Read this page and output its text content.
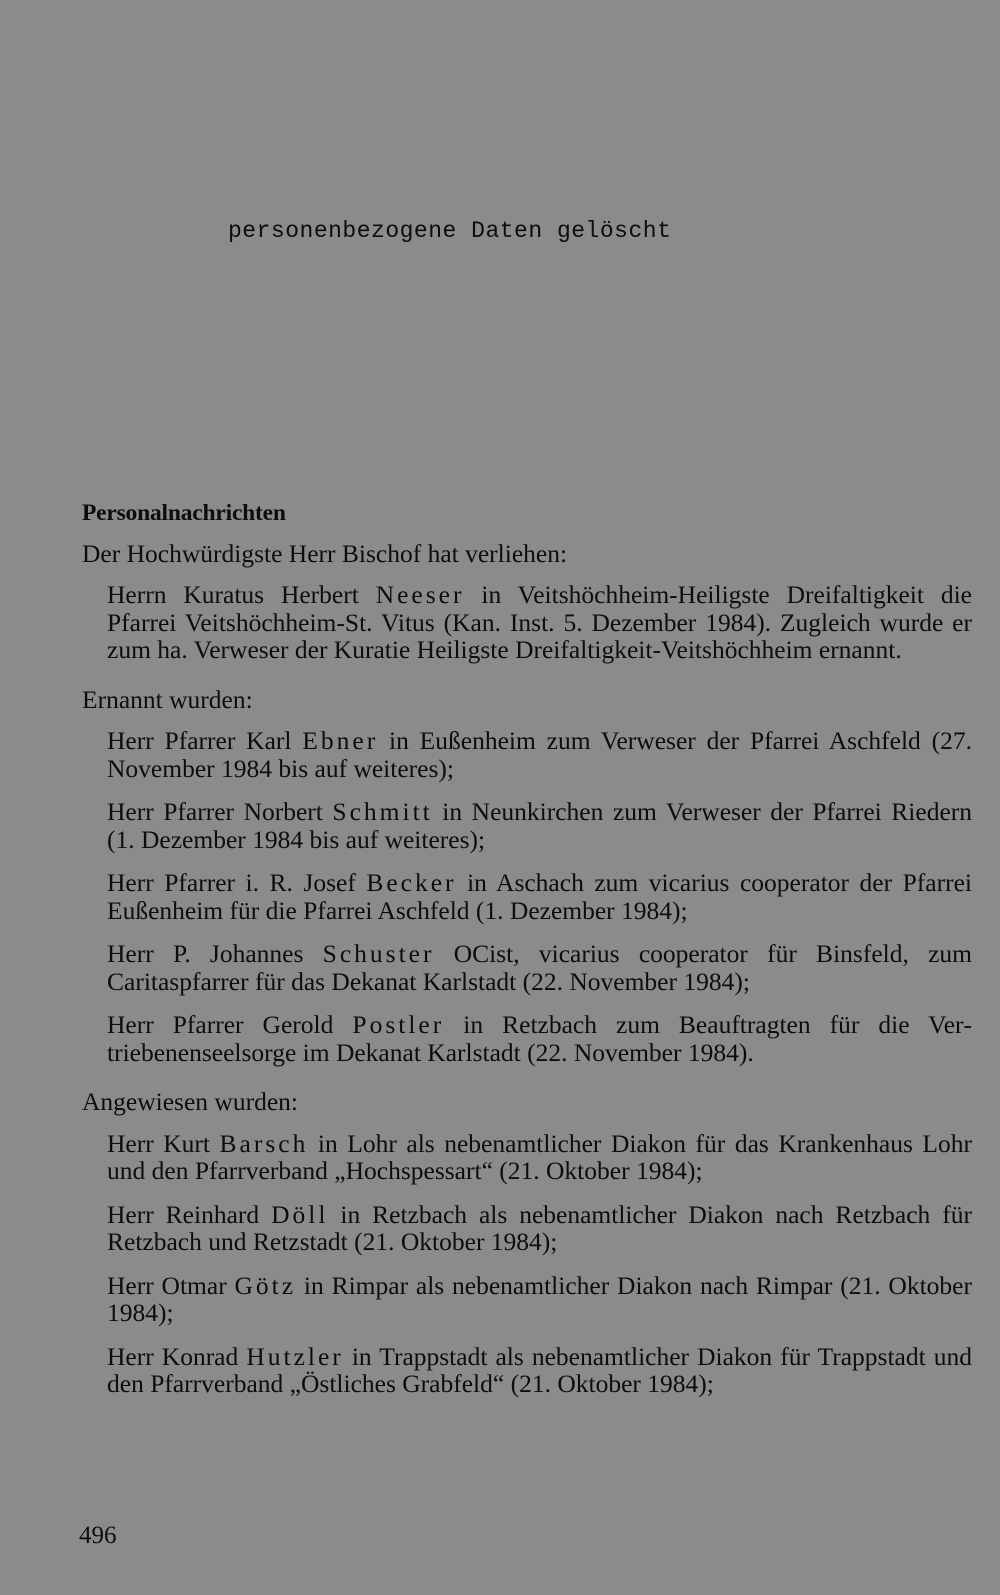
personenbezogene Daten gelöscht
Personalnachrichten
Der Hochwürdigste Herr Bischof hat verliehen:

Herrn Kuratus Herbert Neeser in Veitshöchheim-Heiligste Dreifaltigkeit die Pfarrei Veitshöchheim-St. Vitus (Kan. Inst. 5. Dezember 1984). Zugleich wurde er zum ha. Verweser der Kuratie Heiligste Dreifaltigkeit-Veitshöchheim ernannt.

Ernannt wurden:

Herr Pfarrer Karl Ebner in Eußenheim zum Verweser der Pfarrei Aschfeld (27. November 1984 bis auf weiteres);

Herr Pfarrer Norbert Schmitt in Neunkirchen zum Verweser der Pfarrei Riedern (1. Dezember 1984 bis auf weiteres);

Herr Pfarrer i. R. Josef Becker in Aschach zum vicarius cooperator der Pfarrei Eußenheim für die Pfarrei Aschfeld (1. Dezember 1984);

Herr P. Johannes Schuster OCist, vicarius cooperator für Binsfeld, zum Caritaspfarrer für das Dekanat Karlstadt (22. November 1984);

Herr Pfarrer Gerold Postler in Retzbach zum Beauftragten für die Vertriebenenseelsorge im Dekanat Karlstadt (22. November 1984).

Angewiesen wurden:

Herr Kurt Barsch in Lohr als nebenamtlicher Diakon für das Krankenhaus Lohr und den Pfarrverband „Hochspessart“ (21. Oktober 1984);

Herr Reinhard Döll in Retzbach als nebenamtlicher Diakon nach Retzbach für Retzbach und Retzstadt (21. Oktober 1984);

Herr Otmar Götz in Rimpar als nebenamtlicher Diakon nach Rimpar (21. Oktober 1984);

Herr Konrad Hutzler in Trappstadt als nebenamtlicher Diakon für Trappstadt und den Pfarrverband „Östliches Grabfeld“ (21. Oktober 1984);

496
